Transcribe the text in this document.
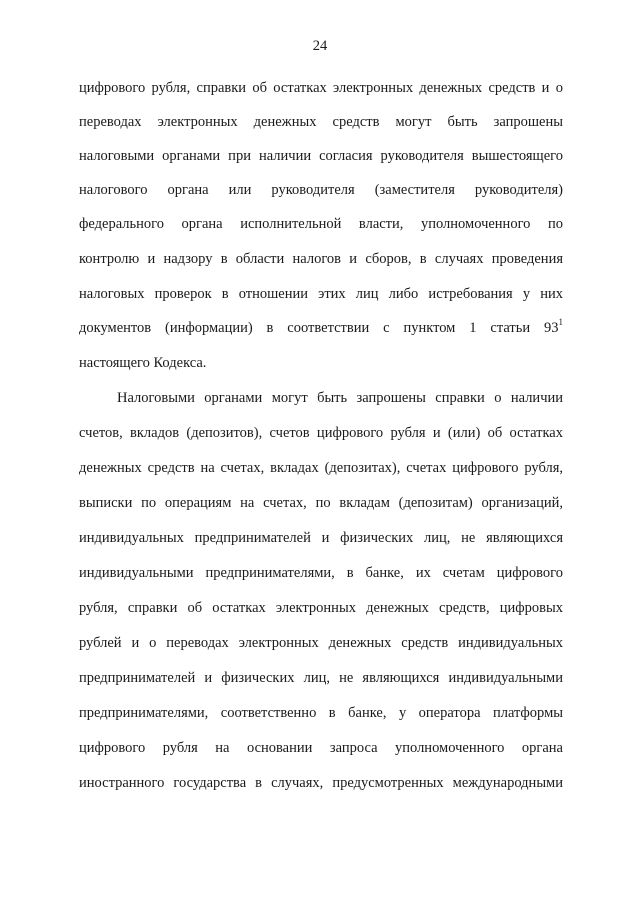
24
цифрового рубля, справки об остатках электронных денежных средств и о
переводах электронных денежных средств могут быть запрошены
налоговыми органами при наличии согласия руководителя вышестоящего
налогового органа или руководителя (заместителя руководителя)
федерального органа исполнительной власти, уполномоченного по
контролю и надзору в области налогов и сборов, в случаях проведения
налоговых проверок в отношении этих лиц либо истребования у них
документов (информации) в соответствии с пунктом 1 статьи $93^1$
настоящего Кодекса.
Налоговыми органами могут быть запрошены справки о наличии
счетов, вкладов (депозитов), счетов цифрового рубля и (или) об остатках
денежных средств на счетах, вкладах (депозитах), счетах цифрового рубля,
выписки по операциям на счетах, по вкладам (депозитам) организаций,
индивидуальных предпринимателей и физических лиц, не являющихся
индивидуальными предпринимателями, в банке, их счетам цифрового
рубля, справки об остатках электронных денежных средств, цифровых
рублей и о переводах электронных денежных средств индивидуальных
предпринимателей и физических лиц, не являющихся индивидуальными
предпринимателями, соответственно в банке, у оператора платформы
цифрового рубля на основании запроса уполномоченного органа
иностранного государства в случаях, предусмотренных международными
